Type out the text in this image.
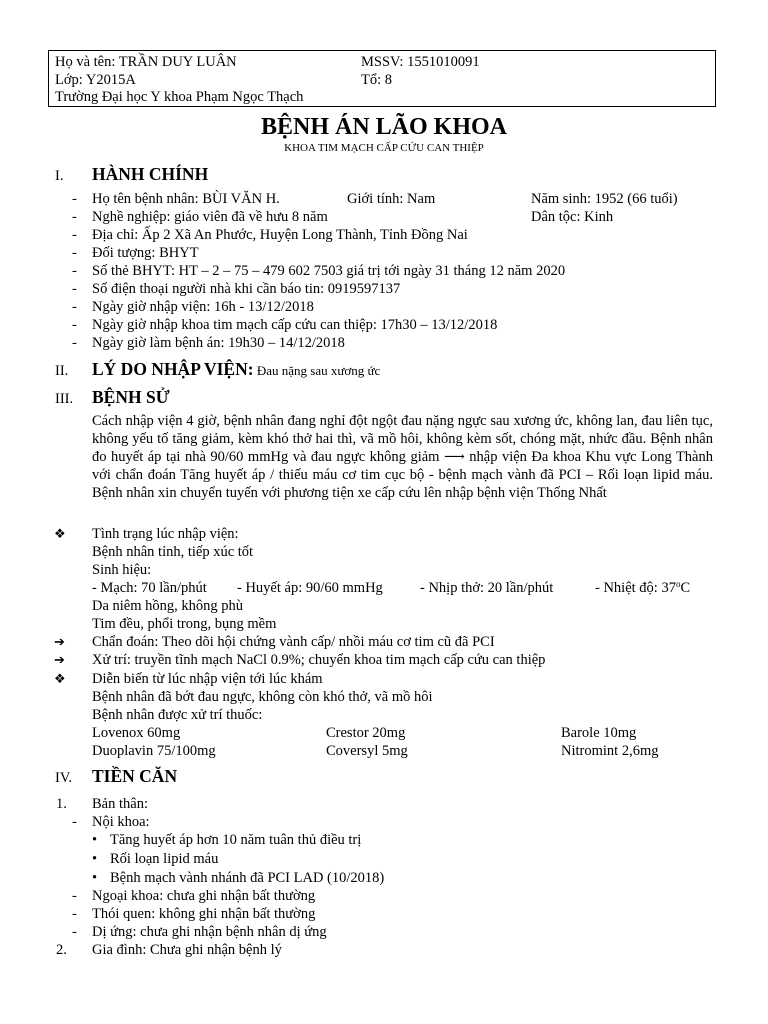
Họ và tên: TRẦN DUY LUÂN	MSSV: 1551010091
Lớp: Y2015A	Tổ: 8
Trường Đại học Y khoa Phạm Ngọc Thạch
BỆNH ÁN LÃO KHOA
KHOA TIM MẠCH CẤP CỨU CAN THIỆP
I. HÀNH CHÍNH
- Họ tên bệnh nhân: BÙI VĂN H.	Giới tính: Nam	Năm sinh: 1952 (66 tuổi)
- Nghề nghiệp: giáo viên đã về hưu 8 năm	Dân tộc: Kinh
- Địa chỉ: Ấp 2 Xã An Phước, Huyện Long Thành, Tỉnh Đồng Nai
- Đối tượng: BHYT
- Số thẻ BHYT: HT – 2 – 75 – 479 602 7503 giá trị tới ngày 31 tháng 12 năm 2020
- Số điện thoại người nhà khi cần báo tin: 0919597137
- Ngày giờ nhập viện: 16h - 13/12/2018
- Ngày giờ nhập khoa tim mạch cấp cứu can thiệp: 17h30 – 13/12/2018
- Ngày giờ làm bệnh án: 19h30 – 14/12/2018
II. LÝ DO NHẬP VIỆN: Đau nặng sau xương ức
III. BỆNH SỬ
Cách nhập viện 4 giờ, bệnh nhân đang nghỉ đột ngột đau nặng ngực sau xương ức, không lan, đau liên tục, không yếu tố tăng giảm, kèm khó thở hai thì, vã mồ hôi, không kèm sốt, chóng mặt, nhức đầu. Bệnh nhân đo huyết áp tại nhà 90/60 mmHg và đau ngực không giảm ⟶ nhập viện Đa khoa Khu vực Long Thành với chẩn đoán Tăng huyết áp / thiếu máu cơ tim cục bộ - bệnh mạch vành đã PCI – Rối loạn lipid máu. Bệnh nhân xin chuyển tuyến với phương tiện xe cấp cứu lên nhập bệnh viện Thống Nhất
❖ Tình trạng lúc nhập viện:
Bệnh nhân tỉnh, tiếp xúc tốt
Sinh hiệu:
- Mạch: 70 lần/phút - Huyết áp: 90/60 mmHg	- Nhịp thở: 20 lần/phút	- Nhiệt độ: 37$^o$C
Da niêm hồng, không phù
Tim đều, phổi trong, bụng mềm
➔ Chẩn đoán: Theo dõi hội chứng vành cấp/ nhồi máu cơ tim cũ đã PCI
➔ Xử trí: truyền tĩnh mạch NaCl 0.9%; chuyển khoa tim mạch cấp cứu can thiệp
❖ Diễn biến từ lúc nhập viện tới lúc khám
Bệnh nhân đã bớt đau ngực, không còn khó thở, vã mồ hôi
Bệnh nhân được xử trí thuốc:
Lovenox 60mg	Crestor 20mg	Barole 10mg
Duoplavin 75/100mg	Coversyl 5mg	Nitromint 2,6mg
IV. TIỀN CĂN
1. Bản thân:
- Nội khoa:
• Tăng huyết áp hơn 10 năm tuân thủ điều trị
• Rối loạn lipid máu
• Bệnh mạch vành nhánh đã PCI LAD (10/2018)
- Ngoại khoa: chưa ghi nhận bất thường
- Thói quen: không ghi nhận bất thường
- Dị ứng: chưa ghi nhận bệnh nhân dị ứng
2. Gia đình: Chưa ghi nhận bệnh lý
